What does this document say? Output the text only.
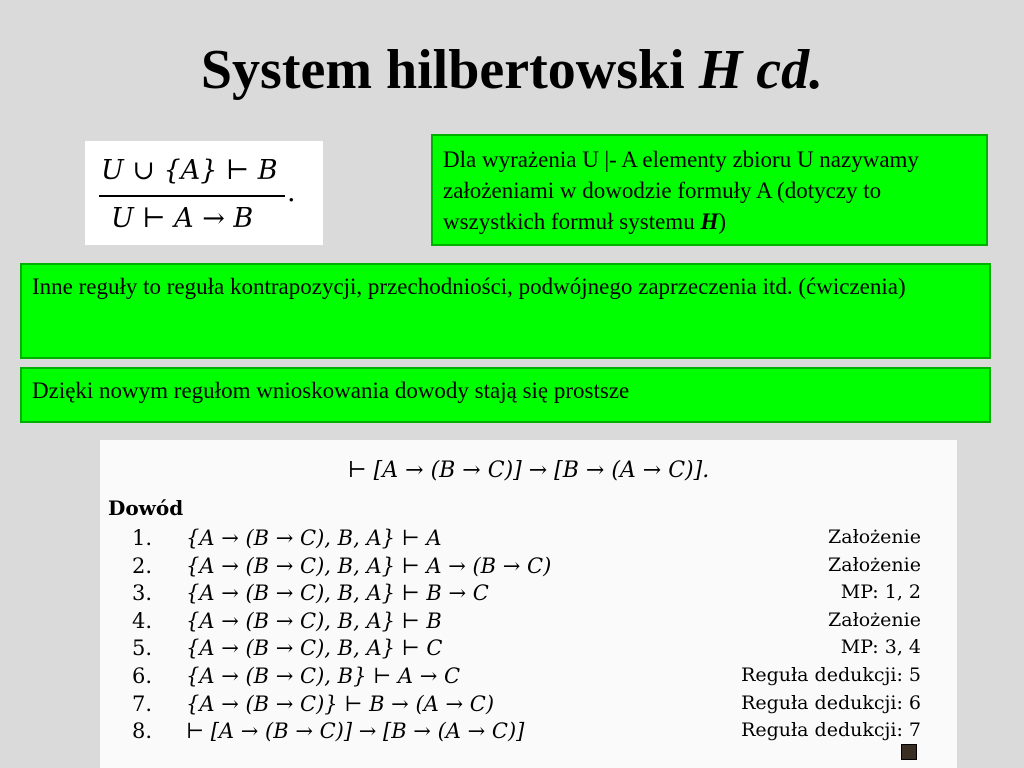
System hilbertowski H cd.
U ∪ {A} ⊢ B
U ⊢ A → B
.
Dla wyrażenia U |- A elementy zbioru U nazywamy założeniami w dowodzie formuły A (dotyczy to wszystkich formuł systemu H)
Inne reguły to reguła kontrapozycji, przechodniości, podwójnego zaprzeczenia itd. (ćwiczenia)
Dzięki nowym regułom wnioskowania dowody stają się prostsze
⊢ [A → (B → C)] → [B → (A → C)].
Dowód
1. {A → (B → C), B, A} ⊢ A	Założenie
2. {A → (B → C), B, A} ⊢ A → (B → C)	Założenie
3. {A → (B → C), B, A} ⊢ B → C	MP: 1, 2
4. {A → (B → C), B, A} ⊢ B	Założenie
5. {A → (B → C), B, A} ⊢ C	MP: 3, 4
6. {A → (B → C), B} ⊢ A → C	Reguła dedukcji: 5
7. {A → (B → C)} ⊢ B → (A → C)	Reguła dedukcji: 6
8. ⊢ [A → (B → C)] → [B → (A → C)]	Reguła dedukcji: 7
